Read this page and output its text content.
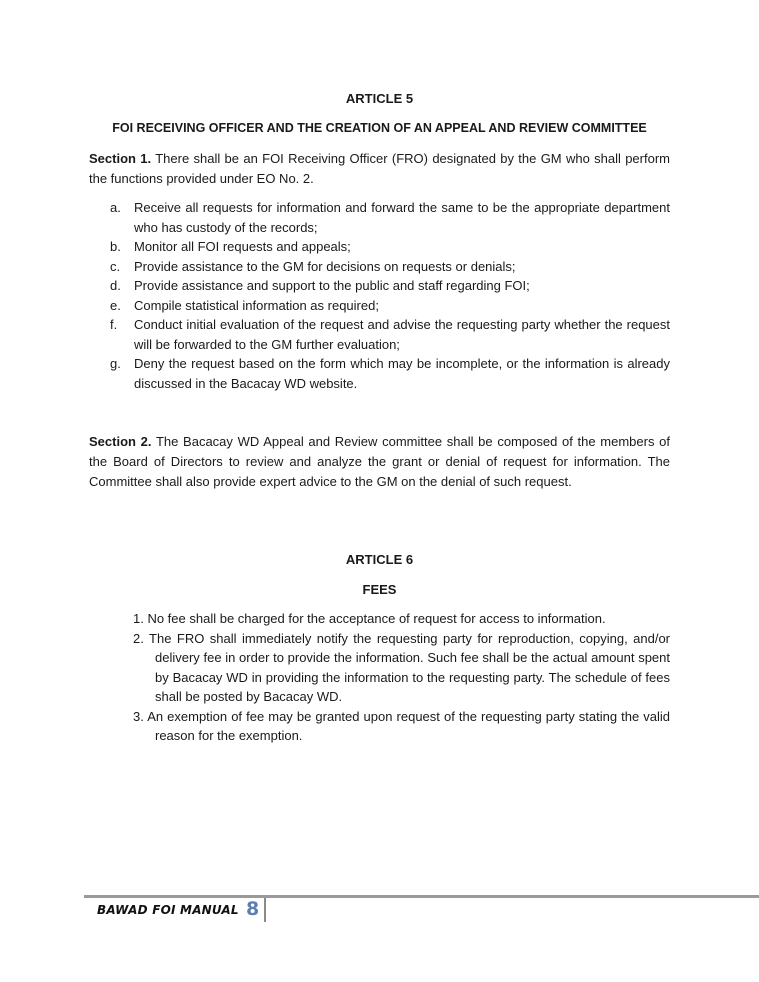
ARTICLE 5
FOI RECEIVING OFFICER AND THE CREATION OF AN APPEAL AND REVIEW COMMITTEE
Section 1. There shall be an FOI Receiving Officer (FRO) designated by the GM who shall perform the functions provided under EO No. 2.
a. Receive all requests for information and forward the same to be the appropriate department who has custody of the records;
b. Monitor all FOI requests and appeals;
c. Provide assistance to the GM for decisions on requests or denials;
d. Provide assistance and support to the public and staff regarding FOI;
e. Compile statistical information as required;
f. Conduct initial evaluation of the request and advise the requesting party whether the request will be forwarded to the GM further evaluation;
g. Deny the request based on the form which may be incomplete, or the information is already discussed in the Bacacay WD website.
Section 2. The Bacacay WD Appeal and Review committee shall be composed of the members of the Board of Directors to review and analyze the grant or denial of request for information. The Committee shall also provide expert advice to the GM on the denial of such request.
ARTICLE 6
FEES
1. No fee shall be charged for the acceptance of request for access to information.
2. The FRO shall immediately notify the requesting party for reproduction, copying, and/or delivery fee in order to provide the information. Such fee shall be the actual amount spent by Bacacay WD in providing the information to the requesting party. The schedule of fees shall be posted by Bacacay WD.
3. An exemption of fee may be granted upon request of the requesting party stating the valid reason for the exemption.
BAWAD FOI MANUAL 8
